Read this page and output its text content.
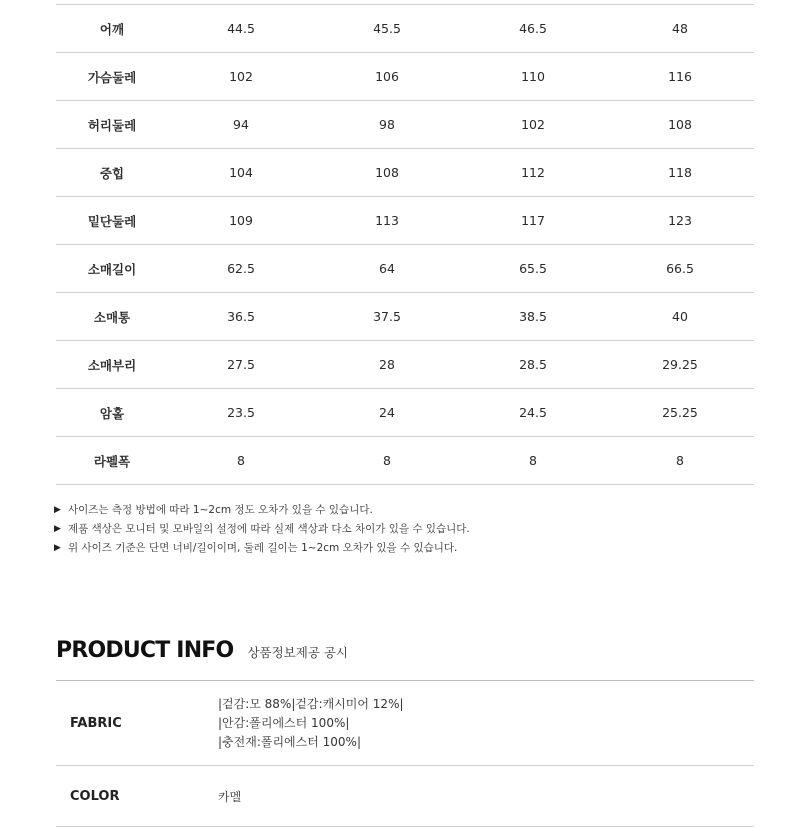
어깨	44.5	45.5	46.5	48
가슴둘레	102	106	110	116
허리둘레	94	98	102	108
중힙	104	108	112	118
밑단둘레	109	113	117	123
소매길이	62.5	64	65.5	66.5
소매통	36.5	37.5	38.5	40
소매부리	27.5	28	28.5	29.25
암홀	23.5	24	24.5	25.25
라펠폭	8	8	8	8
▶ 사이즈는 측정 방법에 따라 1~2cm 정도 오차가 있을 수 있습니다.
▶ 제품 색상은 모니터 및 모바일의 설정에 따라 실제 색상과 다소 차이가 있을 수 있습니다.
▶ 위 사이즈 기준은 단면 너비/길이이며, 둘레 길이는 1~2cm 오차가 있을 수 있습니다.
PRODUCT INFO 상품정보제공 공시
FABRIC
|겉감:모 88%|겉감:캐시미어 12%|
|안감:폴리에스터 100%|
|충전재:폴리에스터 100%|
COLOR	카멜
